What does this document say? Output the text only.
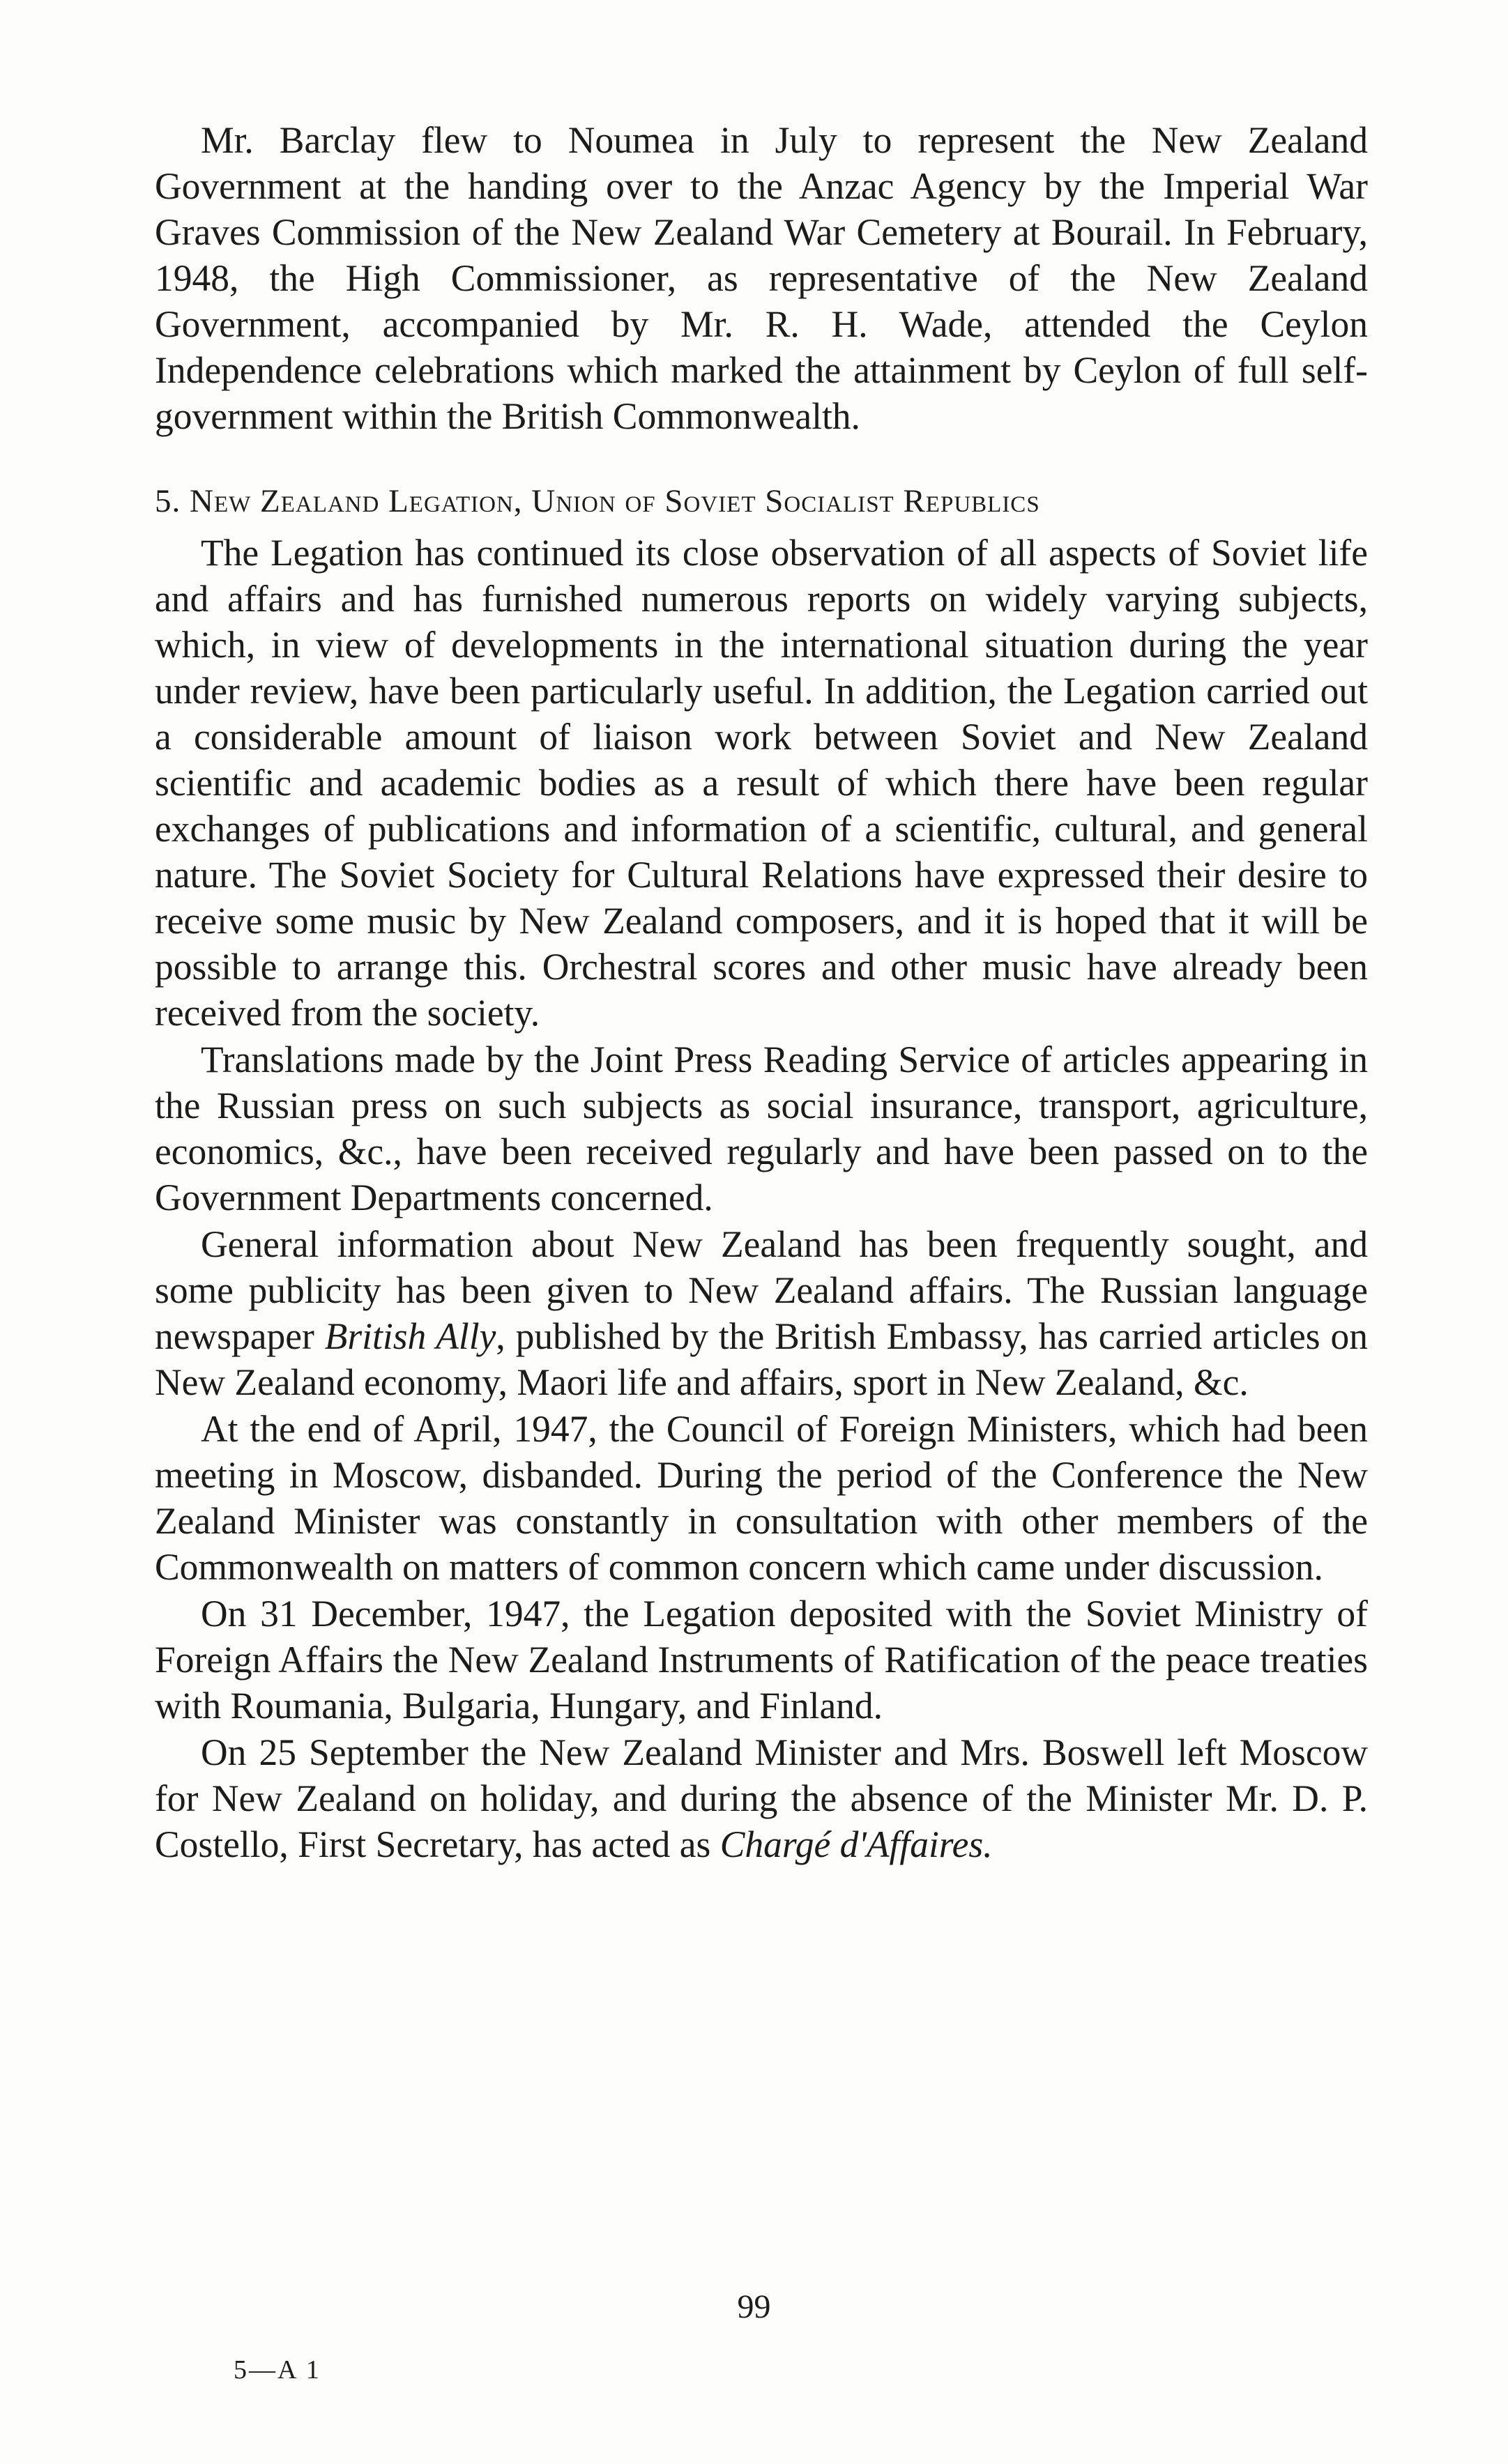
Mr. Barclay flew to Noumea in July to represent the New Zealand Government at the handing over to the Anzac Agency by the Imperial War Graves Commission of the New Zealand War Cemetery at Bourail. In February, 1948, the High Commissioner, as representative of the New Zealand Government, accompanied by Mr. R. H. Wade, attended the Ceylon Independence celebrations which marked the attainment by Ceylon of full self-government within the British Commonwealth.

5. New Zealand Legation, Union of Soviet Socialist Republics

The Legation has continued its close observation of all aspects of Soviet life and affairs and has furnished numerous reports on widely varying subjects, which, in view of developments in the international situation during the year under review, have been particularly useful. In addition, the Legation carried out a considerable amount of liaison work between Soviet and New Zealand scientific and academic bodies as a result of which there have been regular exchanges of publications and information of a scientific, cultural, and general nature. The Soviet Society for Cultural Relations have expressed their desire to receive some music by New Zealand composers, and it is hoped that it will be possible to arrange this. Orchestral scores and other music have already been received from the society.

Translations made by the Joint Press Reading Service of articles appearing in the Russian press on such subjects as social insurance, transport, agriculture, economics, &c., have been received regularly and have been passed on to the Government Departments concerned.

General information about New Zealand has been frequently sought, and some publicity has been given to New Zealand affairs. The Russian language newspaper British Ally, published by the British Embassy, has carried articles on New Zealand economy, Maori life and affairs, sport in New Zealand, &c.

At the end of April, 1947, the Council of Foreign Ministers, which had been meeting in Moscow, disbanded. During the period of the Conference the New Zealand Minister was constantly in consultation with other members of the Commonwealth on matters of common concern which came under discussion.

On 31 December, 1947, the Legation deposited with the Soviet Ministry of Foreign Affairs the New Zealand Instruments of Ratification of the peace treaties with Roumania, Bulgaria, Hungary, and Finland.

On 25 September the New Zealand Minister and Mrs. Boswell left Moscow for New Zealand on holiday, and during the absence of the Minister Mr. D. P. Costello, First Secretary, has acted as Chargé d'Affaires.

99
5—A 1
